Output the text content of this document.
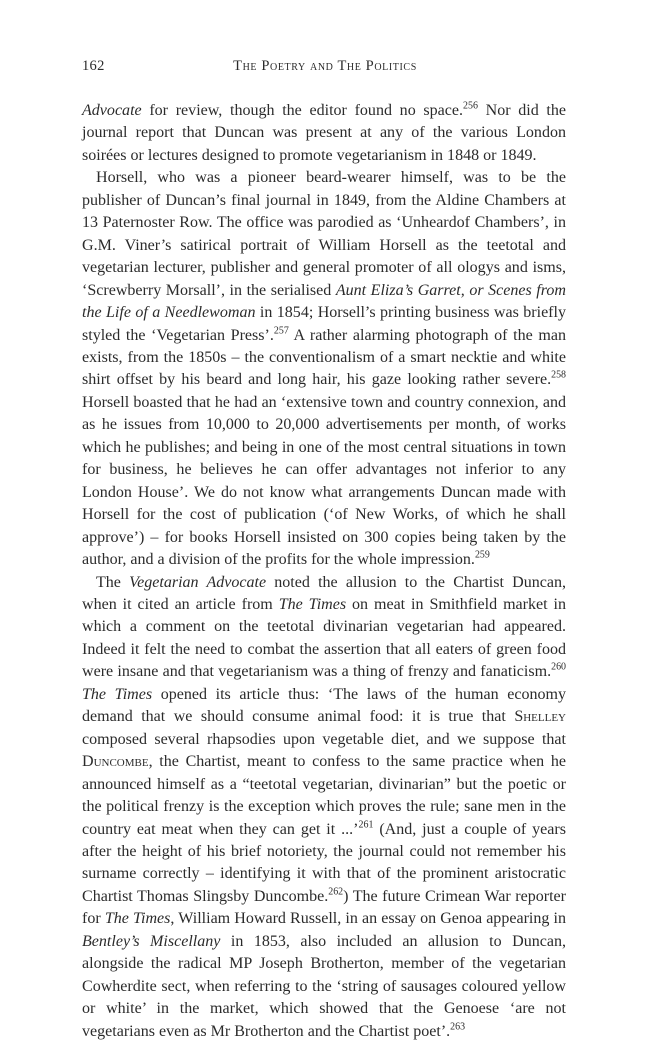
162	The Poetry and The Politics

Advocate for review, though the editor found no space.$^{256}$ Nor did the journal report that Duncan was present at any of the various London soirées or lectures designed to promote vegetarianism in 1848 or 1849.

Horsell, who was a pioneer beard-wearer himself, was to be the publisher of Duncan’s final journal in 1849, from the Aldine Chambers at 13 Paternoster Row. The office was parodied as ‘Unheardof Chambers’, in G.M. Viner’s satirical portrait of William Horsell as the teetotal and vegetarian lecturer, publisher and general promoter of all ologys and isms, ‘Screwberry Morsall’, in the serialised Aunt Eliza’s Garret, or Scenes from the Life of a Needlewoman in 1854; Horsell’s printing business was briefly styled the ‘Vegetarian Press’.$^{257}$ A rather alarming photograph of the man exists, from the 1850s – the conventionalism of a smart necktie and white shirt offset by his beard and long hair, his gaze looking rather severe.$^{258}$ Horsell boasted that he had an ‘extensive town and country connexion, and as he issues from 10,000 to 20,000 advertisements per month, of works which he publishes; and being in one of the most central situations in town for business, he believes he can offer advantages not inferior to any London House’. We do not know what arrangements Duncan made with Horsell for the cost of publication (‘of New Works, of which he shall approve’) – for books Horsell insisted on 300 copies being taken by the author, and a division of the profits for the whole impression.$^{259}$

The Vegetarian Advocate noted the allusion to the Chartist Duncan, when it cited an article from The Times on meat in Smithfield market in which a comment on the teetotal divinarian vegetarian had appeared. Indeed it felt the need to combat the assertion that all eaters of green food were insane and that vegetarianism was a thing of frenzy and fanaticism.$^{260}$ The Times opened its article thus: ‘The laws of the human economy demand that we should consume animal food: it is true that Shelley composed several rhapsodies upon vegetable diet, and we suppose that Duncombe, the Chartist, meant to confess to the same practice when he announced himself as a “teetotal vegetarian, divinarian” but the poetic or the political frenzy is the exception which proves the rule; sane men in the country eat meat when they can get it ...’$^{261}$ (And, just a couple of years after the height of his brief notoriety, the journal could not remember his surname correctly – identifying it with that of the prominent aristocratic Chartist Thomas Slingsby Duncombe.$^{262}$) The future Crimean War reporter for The Times, William Howard Russell, in an essay on Genoa appearing in Bentley’s Miscellany in 1853, also included an allusion to Duncan, alongside the radical MP Joseph Brotherton, member of the vegetarian Cowherdite sect, when referring to the ‘string of sausages coloured yellow or white’ in the market, which showed that the Genoese ‘are not vegetarians even as Mr Brotherton and the Chartist poet’.$^{263}$
